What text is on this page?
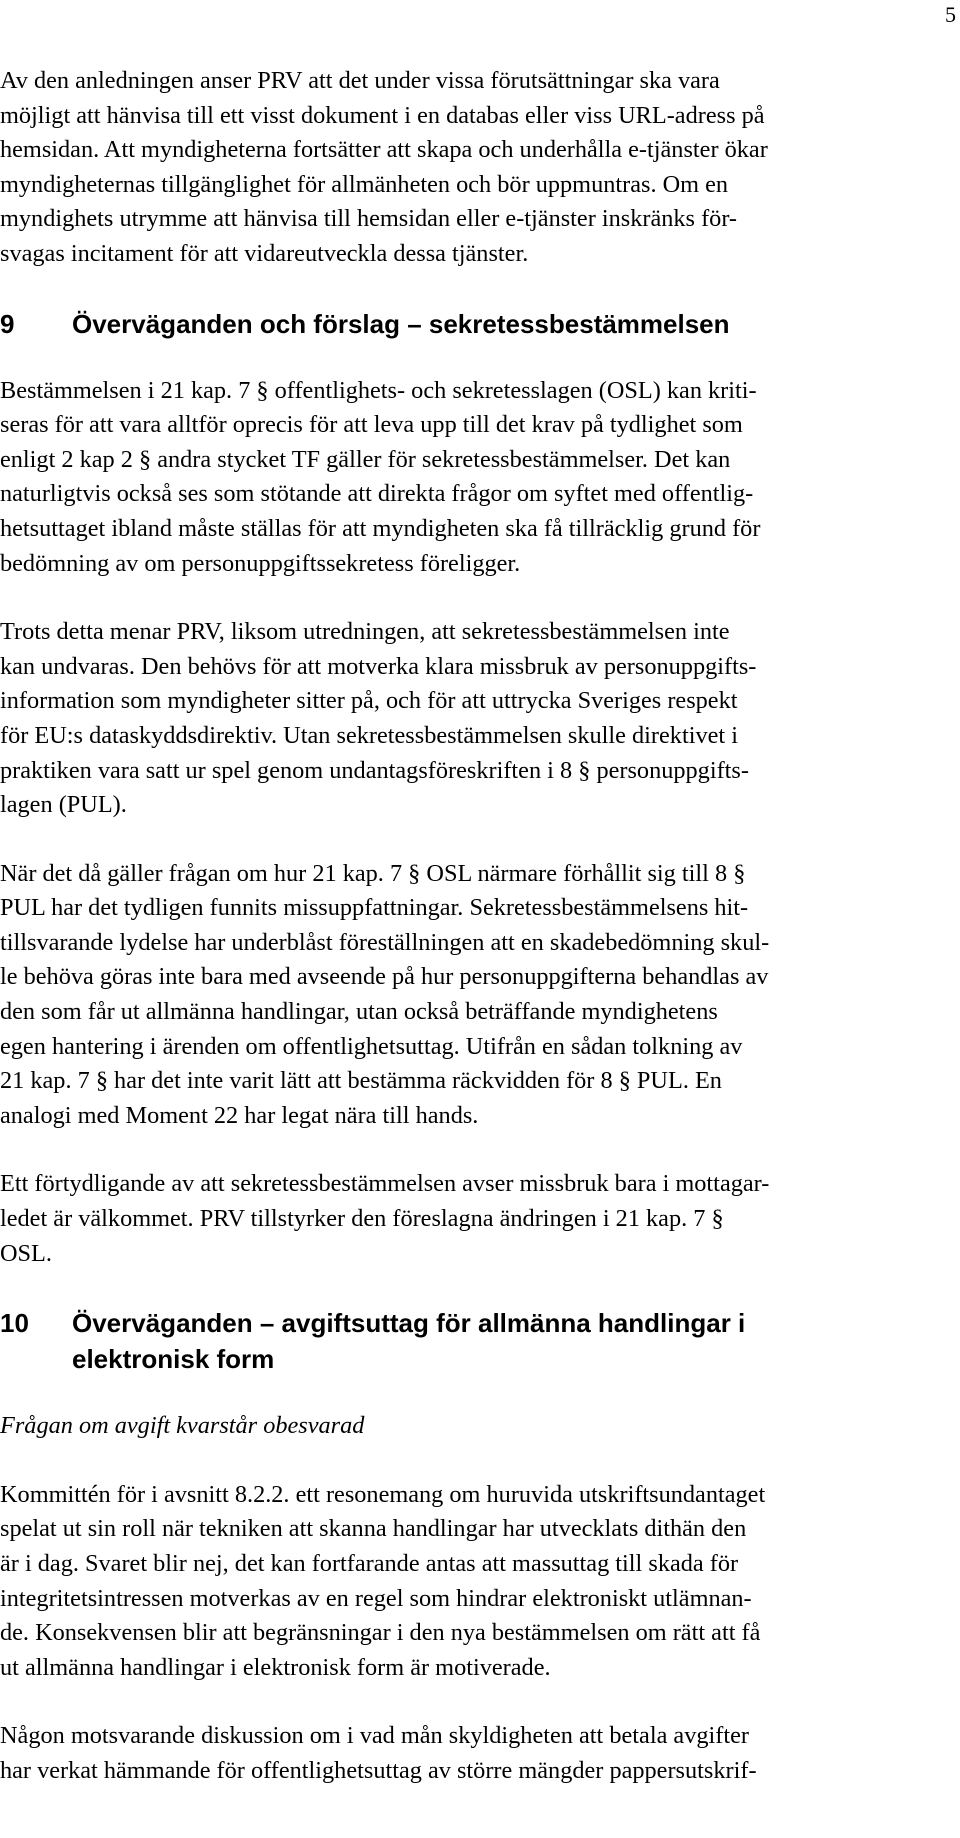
5
Av den anledningen anser PRV att det under vissa förutsättningar ska vara
möjligt att hänvisa till ett visst dokument i en databas eller viss URL-adress på
hemsidan. Att myndigheterna fortsätter att skapa och underhålla e-tjänster ökar
myndigheternas tillgänglighet för allmänheten och bör uppmuntras. Om en
myndighets utrymme att hänvisa till hemsidan eller e-tjänster inskränks för-
svagas incitament för att vidareutveckla dessa tjänster.
9	Överväganden och förslag – sekretessbestämmelsen
Bestämmelsen i 21 kap. 7 § offentlighets- och sekretesslagen (OSL) kan kriti-
seras för att vara alltför oprecis för att leva upp till det krav på tydlighet som
enligt 2 kap 2 § andra stycket TF gäller för sekretessbestämmelser. Det kan
naturligtvis också ses som stötande att direkta frågor om syftet med offentlig-
hetsuttaget ibland måste ställas för att myndigheten ska få tillräcklig grund för
bedömning av om personuppgiftssekretess föreligger.
Trots detta menar PRV, liksom utredningen, att sekretessbestämmelsen inte
kan undvaras. Den behövs för att motverka klara missbruk av personuppgifts-
information som myndigheter sitter på, och för att uttrycka Sveriges respekt
för EU:s dataskyddsdirektiv. Utan sekretessbestämmelsen skulle direktivet i
praktiken vara satt ur spel genom undantagsföreskriften i 8 § personuppgifts-
lagen (PUL).
När det då gäller frågan om hur 21 kap. 7 § OSL närmare förhållit sig till 8 §
PUL har det tydligen funnits missuppfattningar. Sekretessbestämmelsens hit-
tillsvarande lydelse har underblåst föreställningen att en skadebedömning skul-
le behöva göras inte bara med avseende på hur personuppgifterna behandlas av
den som får ut allmänna handlingar, utan också beträffande myndighetens
egen hantering i ärenden om offentlighetsuttag. Utifrån en sådan tolkning av
21 kap. 7 § har det inte varit lätt att bestämma räckvidden för 8 § PUL. En
analogi med Moment 22 har legat nära till hands.
Ett förtydligande av att sekretessbestämmelsen avser missbruk bara i mottagar-
ledet är välkommet. PRV tillstyrker den föreslagna ändringen i 21 kap. 7 §
OSL.
10	Överväganden – avgiftsuttag för allmänna handlingar i
elektronisk form

Frågan om avgift kvarstår obesvarad

Kommittén för i avsnitt 8.2.2. ett resonemang om huruvida utskriftsundantaget
spelat ut sin roll när tekniken att skanna handlingar har utvecklats dithän den
är i dag. Svaret blir nej, det kan fortfarande antas att massuttag till skada för
integritetsintressen motverkas av en regel som hindrar elektroniskt utlämnan-
de. Konsekvensen blir att begränsningar i den nya bestämmelsen om rätt att få
ut allmänna handlingar i elektronisk form är motiverade.
Någon motsvarande diskussion om i vad mån skyldigheten att betala avgifter
har verkat hämmande för offentlighetsuttag av större mängder pappersutskrif-
